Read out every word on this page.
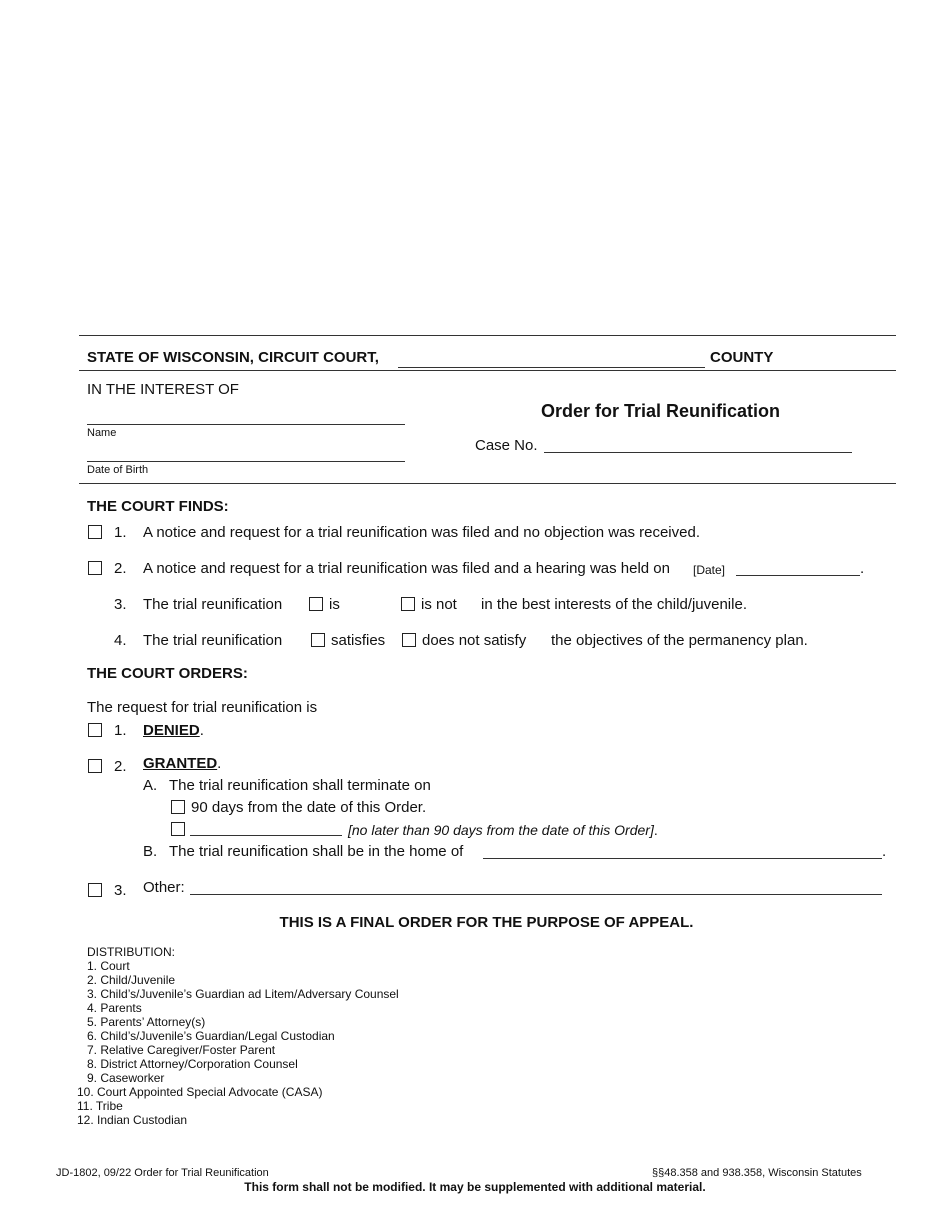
STATE OF WISCONSIN, CIRCUIT COURT,	COUNTY
IN THE INTEREST OF
Order for Trial Reunification
Name
Case No.
Date of Birth
THE COURT FINDS:
1. A notice and request for a trial reunification was filed and no objection was received.
2. A notice and request for a trial reunification was filed and a hearing was held on [Date]	.
3. The trial reunification	is	is not in the best interests of the child/juvenile.
4. The trial reunification	satisfies does not satisfy the objectives of the permanency plan.
THE COURT ORDERS:
The request for trial reunification is
1. DENIED.
2. GRANTED.
A. The trial reunification shall terminate on
90 days from the date of this Order.
[no later than 90 days from the date of this Order].
B. The trial reunification shall be in the home of	.
3. Other:
THIS IS A FINAL ORDER FOR THE PURPOSE OF APPEAL.
DISTRIBUTION:
1. Court
2. Child/Juvenile
3. Child’s/Juvenile’s Guardian ad Litem/Adversary Counsel
4. Parents
5. Parents’ Attorney(s)
6. Child’s/Juvenile’s Guardian/Legal Custodian
7. Relative Caregiver/Foster Parent
8. District Attorney/Corporation Counsel
9. Caseworker
10. Court Appointed Special Advocate (CASA)
11. Tribe
12. Indian Custodian
JD-1802, 09/22 Order for Trial Reunification	§§48.358 and 938.358, Wisconsin Statutes
This form shall not be modified. It may be supplemented with additional material.
